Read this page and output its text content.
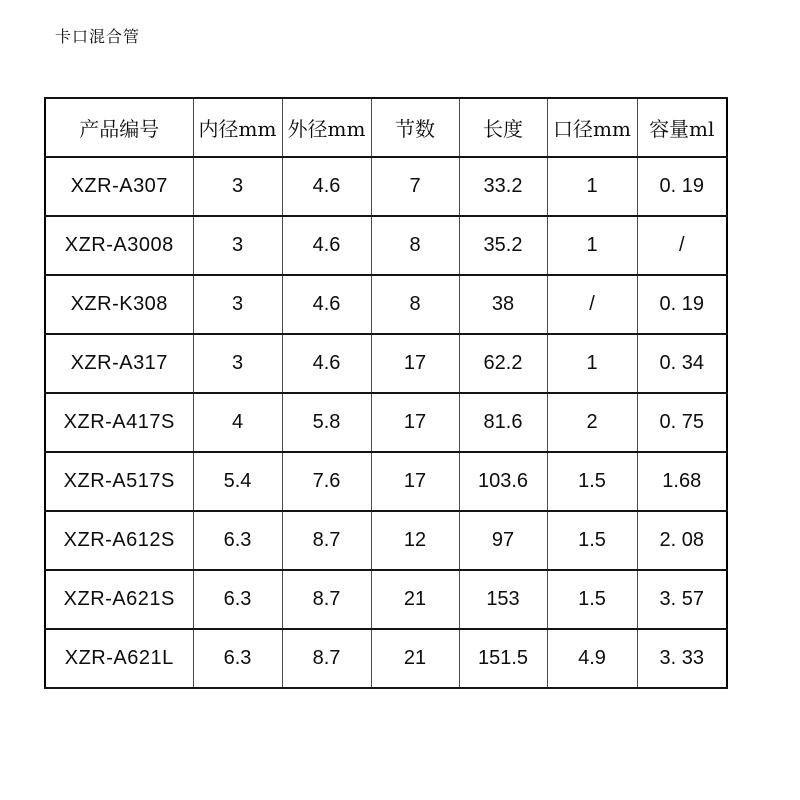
卡口混合管
产品编号	内径mm	外径mm	节数	长度	口径mm	容量ml
XZR-A307	3	4.6	7	33.2	1	0. 19
XZR-A3008	3	4.6	8	35.2	1	/
XZR-K308	3	4.6	8	38	/	0. 19
XZR-A317	3	4.6	17	62.2	1	0. 34
XZR-A417S	4	5.8	17	81.6	2	0. 75
XZR-A517S	5.4	7.6	17	103.6	1.5	1.68
XZR-A612S	6.3	8.7	12	97	1.5	2. 08
XZR-A621S	6.3	8.7	21	153	1.5	3. 57
XZR-A621L	6.3	8.7	21	151.5	4.9	3. 33
